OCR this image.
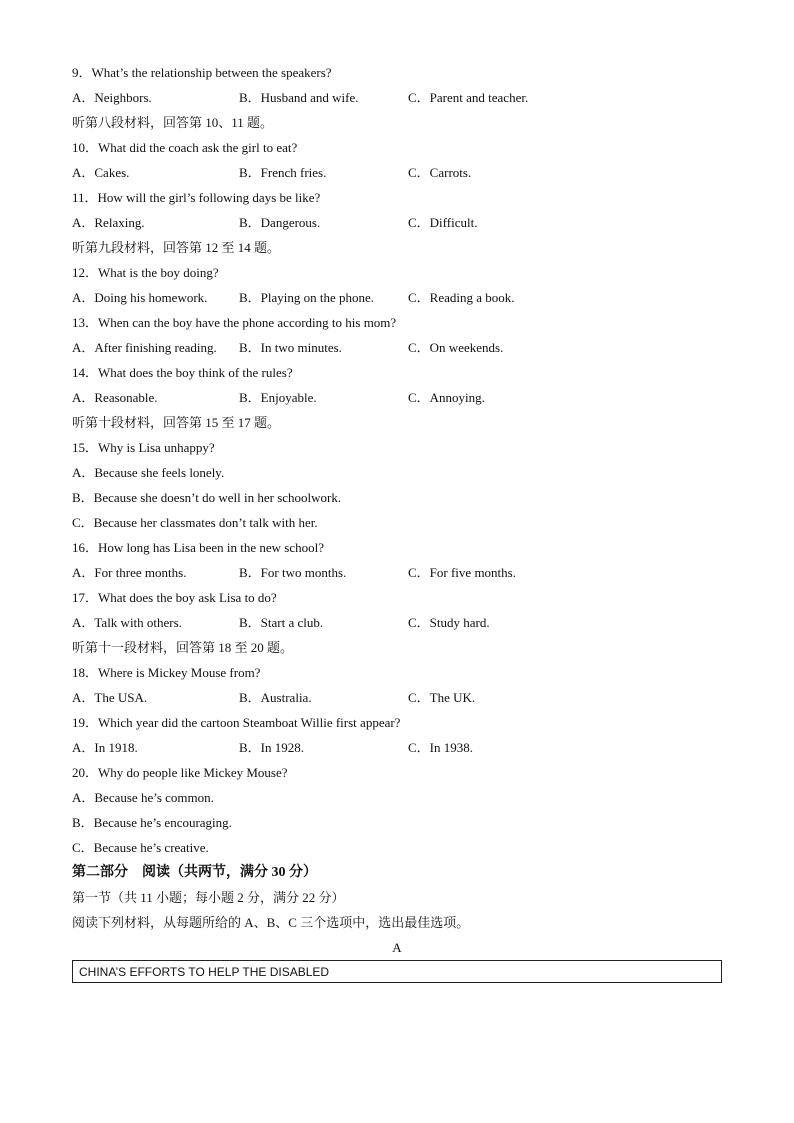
9．What’s the relationship between the speakers?
A．Neighbors.	B．Husband and wife.	C．Parent and teacher.
听第八段材料，回答第 10、11 题。
10．What did the coach ask the girl to eat?
A．Cakes.	B．French fries.	C．Carrots.
11．How will the girl’s following days be like?
A．Relaxing.	B．Dangerous.	C．Difficult.
听第九段材料，回答第 12 至 14 题。
12．What is the boy doing?
A．Doing his homework. B．Playing on the phone.	C．Reading a book.
13．When can the boy have the phone according to his mom?
A．After finishing reading. B．In two minutes.	C．On weekends.
14．What does the boy think of the rules?
A．Reasonable.	B．Enjoyable.	C．Annoying.
听第十段材料，回答第 15 至 17 题。
15．Why is Lisa unhappy?
A．Because she feels lonely.
B．Because she doesn’t do well in her schoolwork.
C．Because her classmates don’t talk with her.
16．How long has Lisa been in the new school?
A．For three months.	B．For two months.	C．For five months.
17．What does the boy ask Lisa to do?
A．Talk with others.	B．Start a club.	C．Study hard.
听第十一段材料，回答第 18 至 20 题。
18．Where is Mickey Mouse from?
A．The USA.	B．Australia.	C．The UK.
19．Which year did the cartoon Steamboat Willie first appear?
A．In 1918.	B．In 1928.	C．In 1938.
20．Why do people like Mickey Mouse?
A．Because he’s common.
B．Because he’s encouraging.
C．Because he’s creative.
第二部分　阅读（共两节，满分 30 分）
第一节（共 11 小题；每小题 2 分，满分 22 分）
阅读下列材料，从每题所给的 A、B、C 三个选项中，选出最佳选项。
A
CHINA’S EFFORTS TO HELP THE DISABLED
